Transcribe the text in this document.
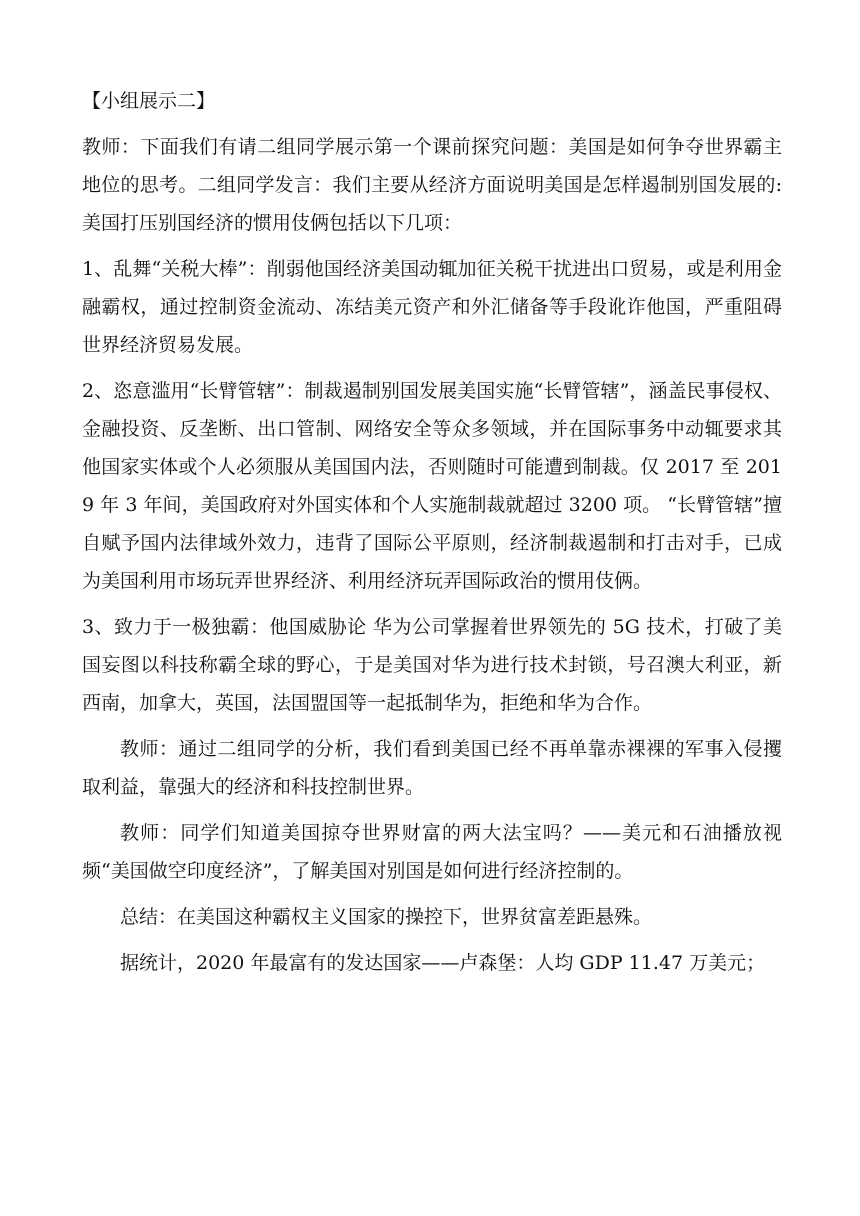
【小组展示二】

教师：下面我们有请二组同学展示第一个课前探究问题：美国是如何争夺世界霸主地位的思考。二组同学发言：我们主要从经济方面说明美国是怎样遏制别国发展的:美国打压别国经济的惯用伎俩包括以下几项：

1、乱舞“关税大棒”：削弱他国经济美国动辄加征关税干扰进出口贸易，或是利用金融霸权，通过控制资金流动、冻结美元资产和外汇储备等手段讹诈他国，严重阻碍世界经济贸易发展。

2、恣意滥用“长臂管辖”：制裁遏制别国发展美国实施“长臂管辖”，涵盖民事侵权、金融投资、反垄断、出口管制、网络安全等众多领域，并在国际事务中动辄要求其他国家实体或个人必须服从美国国内法，否则随时可能遭到制裁。仅 2017 至 2019 年 3 年间，美国政府对外国实体和个人实施制裁就超过 3200 项。 “长臂管辖”擅自赋予国内法律域外效力，违背了国际公平原则，经济制裁遏制和打击对手，已成为美国利用市场玩弄世界经济、利用经济玩弄国际政治的惯用伎俩。

3、致力于一极独霸：他国威胁论 华为公司掌握着世界领先的 5G 技术，打破了美国妄图以科技称霸全球的野心，于是美国对华为进行技术封锁，号召澳大利亚，新西南，加拿大，英国，法国盟国等一起抵制华为，拒绝和华为合作。

教师：通过二组同学的分析，我们看到美国已经不再单靠赤裸裸的军事入侵攫取利益，靠强大的经济和科技控制世界。

教师：同学们知道美国掠夺世界财富的两大法宝吗？——美元和石油播放视频“美国做空印度经济”，了解美国对别国是如何进行经济控制的。

总结：在美国这种霸权主义国家的操控下，世界贫富差距悬殊。

据统计，2020 年最富有的发达国家——卢森堡：人均 GDP 11.47 万美元；
